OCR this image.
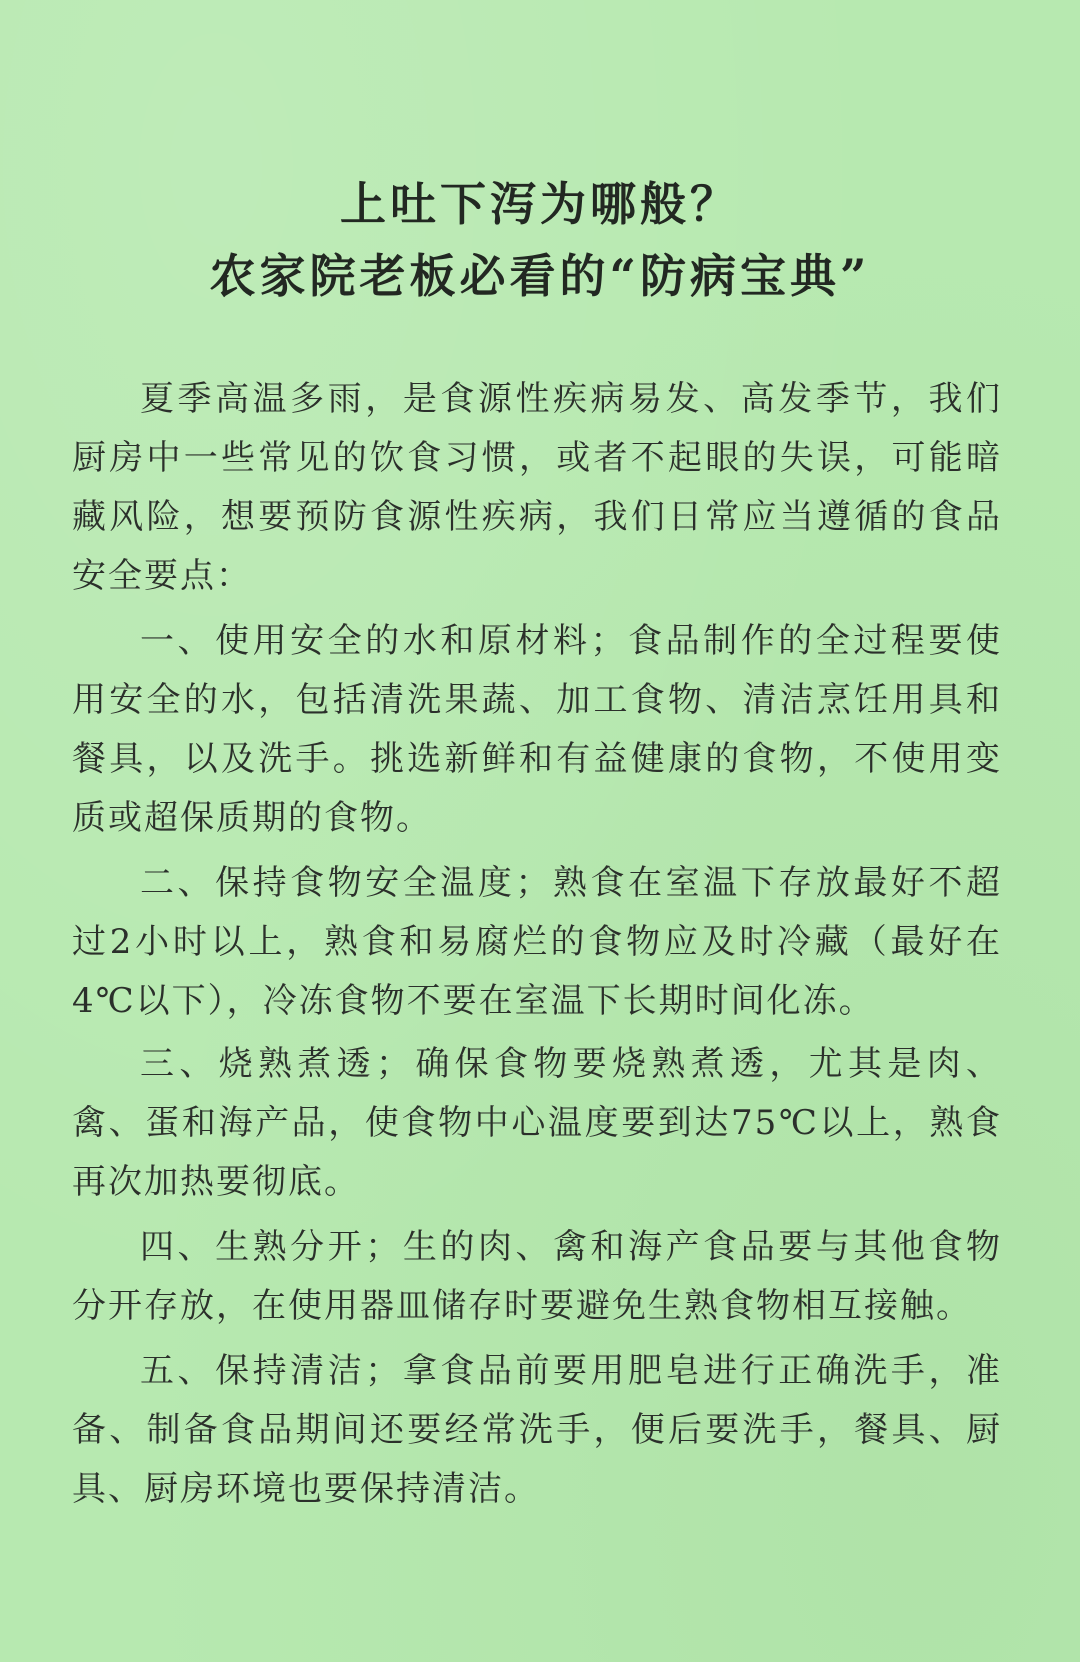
上吐下泻为哪般？
农家院老板必看的“防病宝典”

夏季高温多雨，是食源性疾病易发、高发季节，我们厨房中一些常见的饮食习惯，或者不起眼的失误，可能暗藏风险，想要预防食源性疾病，我们日常应当遵循的食品安全要点：

一、使用安全的水和原材料；食品制作的全过程要使用安全的水，包括清洗果蔬、加工食物、清洁烹饪用具和餐具，以及洗手。挑选新鲜和有益健康的食物，不使用变质或超保质期的食物。

二、保持食物安全温度；熟食在室温下存放最好不超过2小时以上，熟食和易腐烂的食物应及时冷藏（最好在4℃以下），冷冻食物不要在室温下长期时间化冻。

三、烧熟煮透；确保食物要烧熟煮透，尤其是肉、禽、蛋和海产品，使食物中心温度要到达75℃以上，熟食再次加热要彻底。

四、生熟分开；生的肉、禽和海产食品要与其他食物分开存放，在使用器皿储存时要避免生熟食物相互接触。

五、保持清洁；拿食品前要用肥皂进行正确洗手，准备、制备食品期间还要经常洗手，便后要洗手，餐具、厨具、厨房环境也要保持清洁。
